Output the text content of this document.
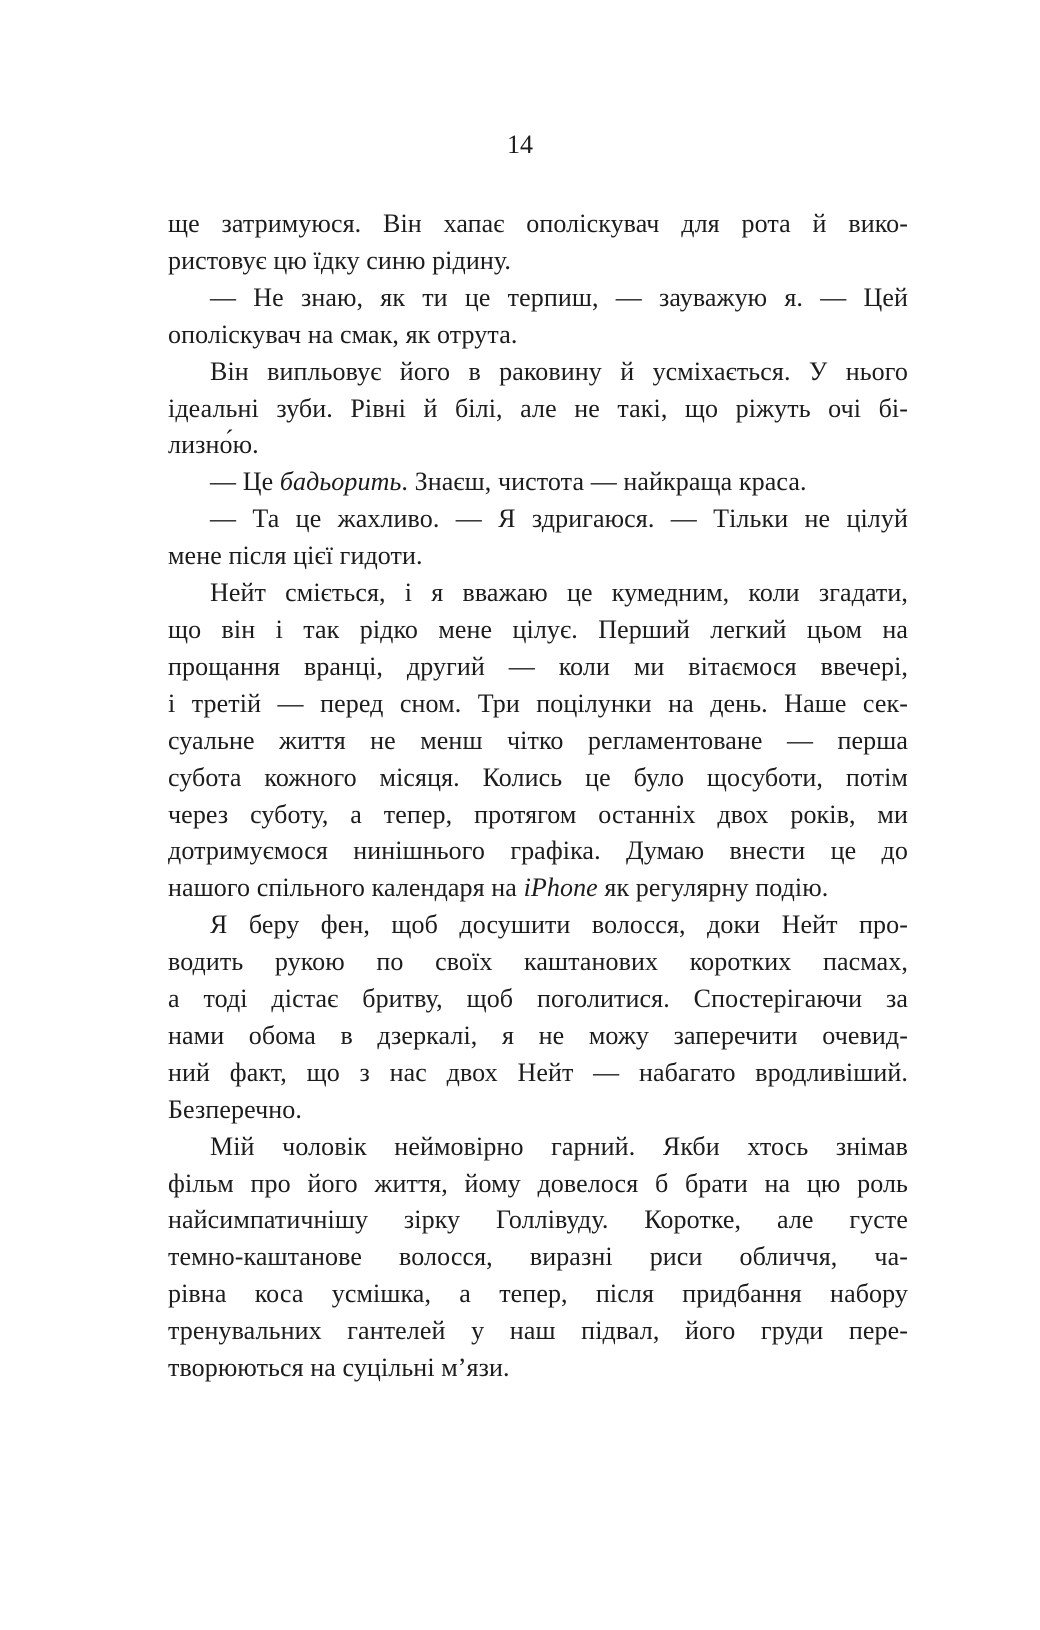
14
ще затримуюся. Він хапає ополіскувач для рота й вико-
ристовує цю їдку синю рідину.
— Не знаю, як ти це терпиш, — зауважую я. — Цей
ополіскувач на смак, як отрута.
Він випльовує його в раковину й усміхається. У нього
ідеальні зуби. Рівні й білі, але не такі, що ріжуть очі бі-
лизно́ю.
— Це бадьорить. Знаєш, чистота — найкраща краса.
— Та це жахливо. — Я здригаюся. — Тільки не цілуй
мене після цієї гидоти.
Нейт сміється, і я вважаю це кумедним, коли згадати,
що він і так рідко мене цілує. Перший легкий цьом на
прощання вранці, другий — коли ми вітаємося ввечері,
і третій — перед сном. Три поцілунки на день. Наше сек-
суальне життя не менш чітко регламентоване — перша
субота кожного місяця. Колись це було щосуботи, потім
через суботу, а тепер, протягом останніх двох років, ми
дотримуємося нинішнього графіка. Думаю внести це до
нашого спільного календаря на iPhone як регулярну подію.
Я беру фен, щоб досушити волосся, доки Нейт про-
водить рукою по своїх каштанових коротких пасмах,
а тоді дістає бритву, щоб поголитися. Спостерігаючи за
нами обома в дзеркалі, я не можу заперечити очевид-
ний факт, що з нас двох Нейт — набагато вродливіший.
Безперечно.
Мій чоловік неймовірно гарний. Якби хтось знімав
фільм про його життя, йому довелося б брати на цю роль
найсимпатичнішу зірку Голлівуду. Коротке, але густе
темно-каштанове волосся, виразні риси обличчя, ча-
рівна коса усмішка, а тепер, після придбання набору
тренувальних гантелей у наш підвал, його груди пере-
творюються на суцільні м’язи.
